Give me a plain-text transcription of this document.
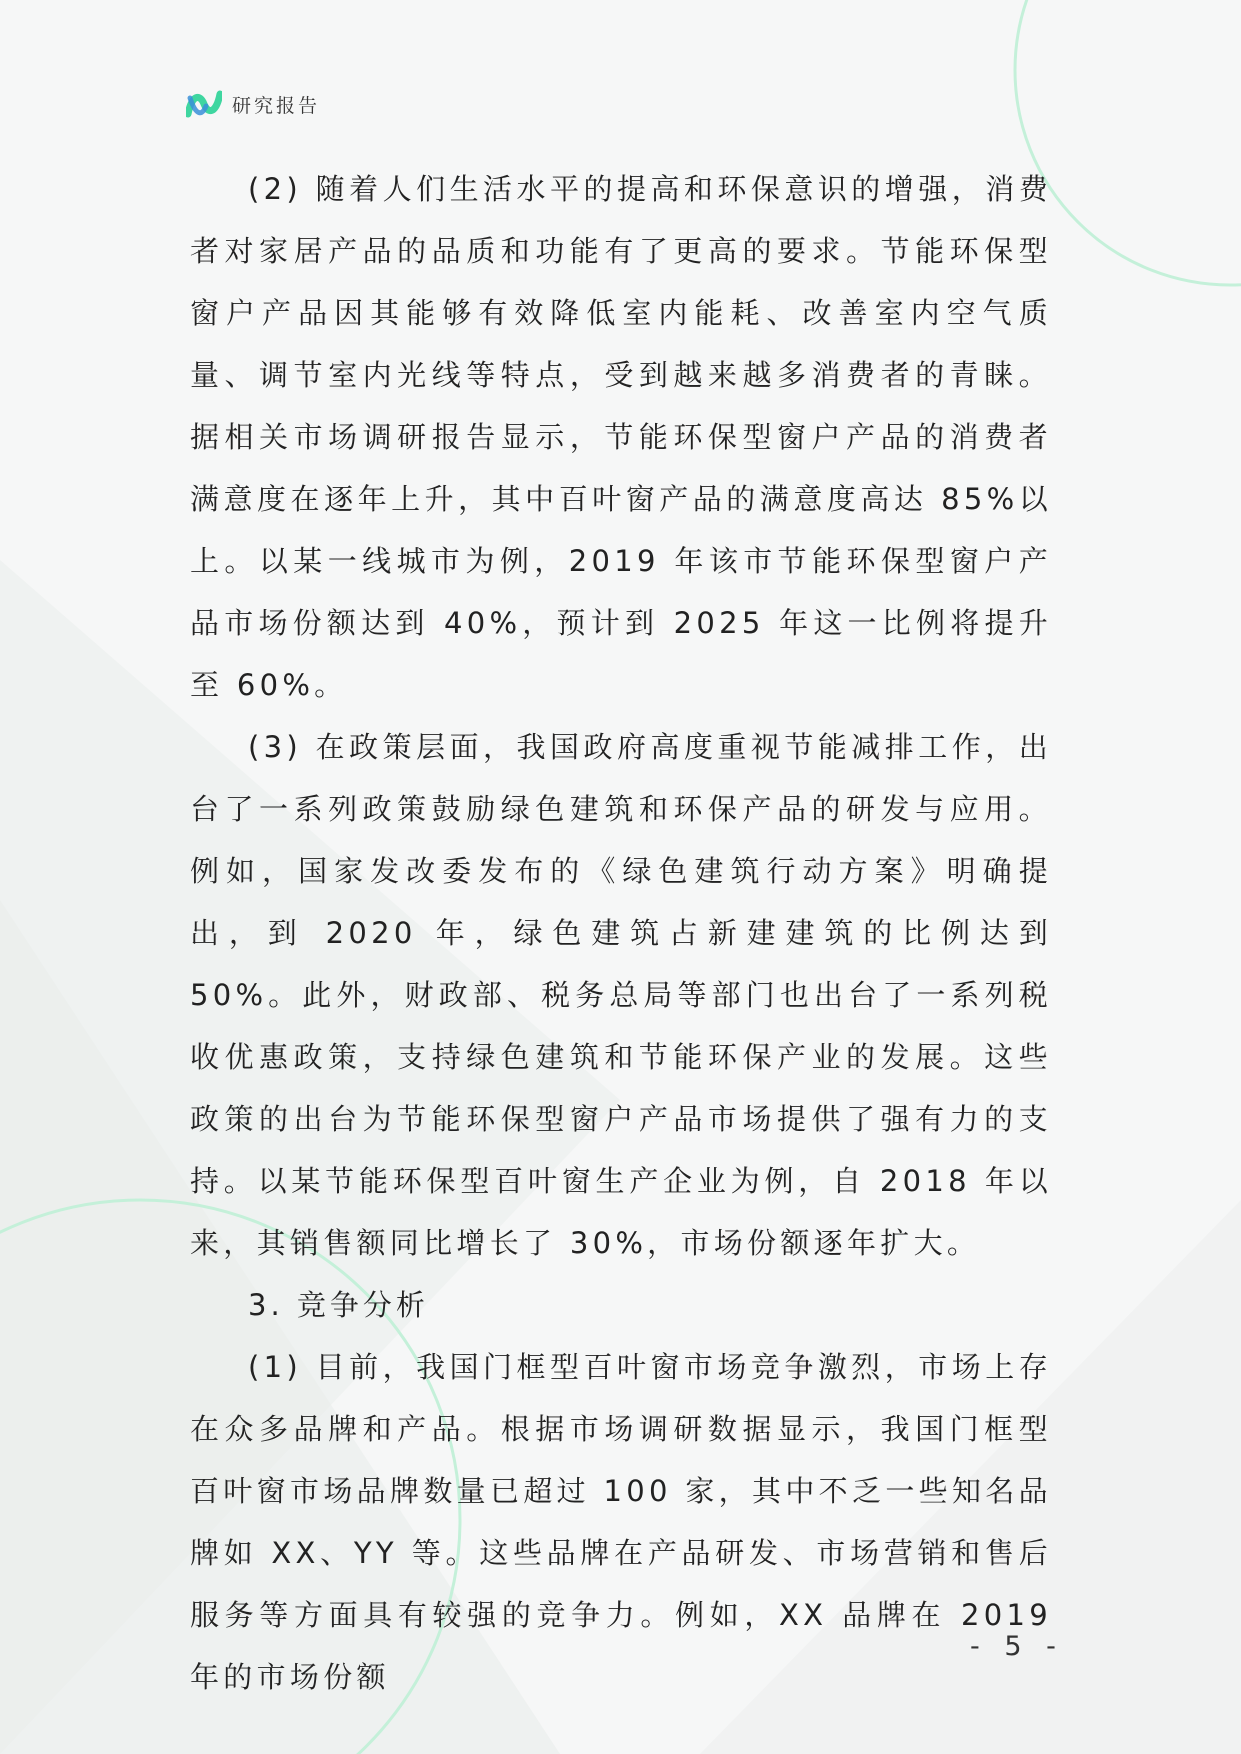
研究报告

(2) 随着人们生活水平的提高和环保意识的增强，消费者对家居产品的品质和功能有了更高的要求。节能环保型窗户产品因其能够有效降低室内能耗、改善室内空气质量、调节室内光线等特点，受到越来越多消费者的青睐。据相关市场调研报告显示，节能环保型窗户产品的消费者满意度在逐年上升，其中百叶窗产品的满意度高达 85%以上。以某一线城市为例，2019 年该市节能环保型窗户产品市场份额达到 40%，预计到 2025 年这一比例将提升至 60%。

(3) 在政策层面，我国政府高度重视节能减排工作，出台了一系列政策鼓励绿色建筑和环保产品的研发与应用。例如，国家发改委发布的《绿色建筑行动方案》明确提出，到 2020 年，绿色建筑占新建建筑的比例达到 50%。此外，财政部、税务总局等部门也出台了一系列税收优惠政策，支持绿色建筑和节能环保产业的发展。这些政策的出台为节能环保型窗户产品市场提供了强有力的支持。以某节能环保型百叶窗生产企业为例，自 2018 年以来，其销售额同比增长了 30%，市场份额逐年扩大。

3. 竞争分析

(1) 目前，我国门框型百叶窗市场竞争激烈，市场上存在众多品牌和产品。根据市场调研数据显示，我国门框型百叶窗市场品牌数量已超过 100 家，其中不乏一些知名品牌如 XX、YY 等。这些品牌在产品研发、市场营销和售后服务等方面具有较强的竞争力。例如，XX 品牌在 2019 年的市场份额

- 5 -
